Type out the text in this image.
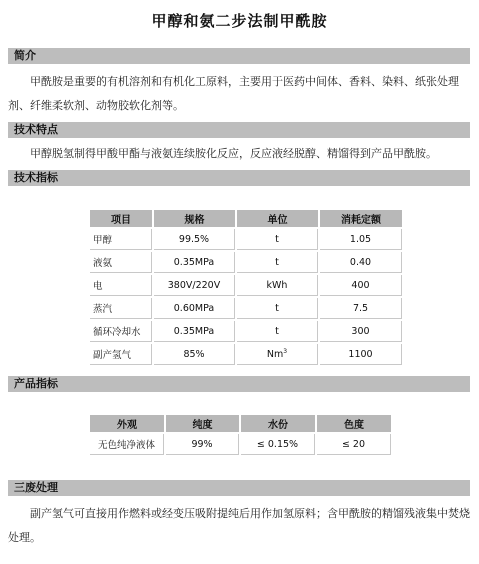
甲醇和氨二步法制甲酰胺
简介
甲酰胺是重要的有机溶剂和有机化工原料，主要用于医药中间体、香料、染料、纸张处理剂、纤维柔软剂、动物胶软化剂等。
技术特点
甲醇脱氢制得甲酸甲酯与液氨连续胺化反应，反应液经脱醇、精馏得到产品甲酰胺。
技术指标
项目	规格	单位	消耗定额
甲醇	99.5%	t	1.05
液氨	0.35MPa	t	0.40
电	380V/220V	kWh	400
蒸汽	0.60MPa	t	7.5
循环冷却水	0.35MPa	t	300
副产氢气	85%	Nm$^3$	1100
产品指标
外观	纯度	水份	色度
无色纯净液体	99%	≤ 0.15%	≤ 20
三废处理
副产氢气可直接用作燃料或经变压吸附提纯后用作加氢原料；含甲酰胺的精馏残液集中焚烧处理。
